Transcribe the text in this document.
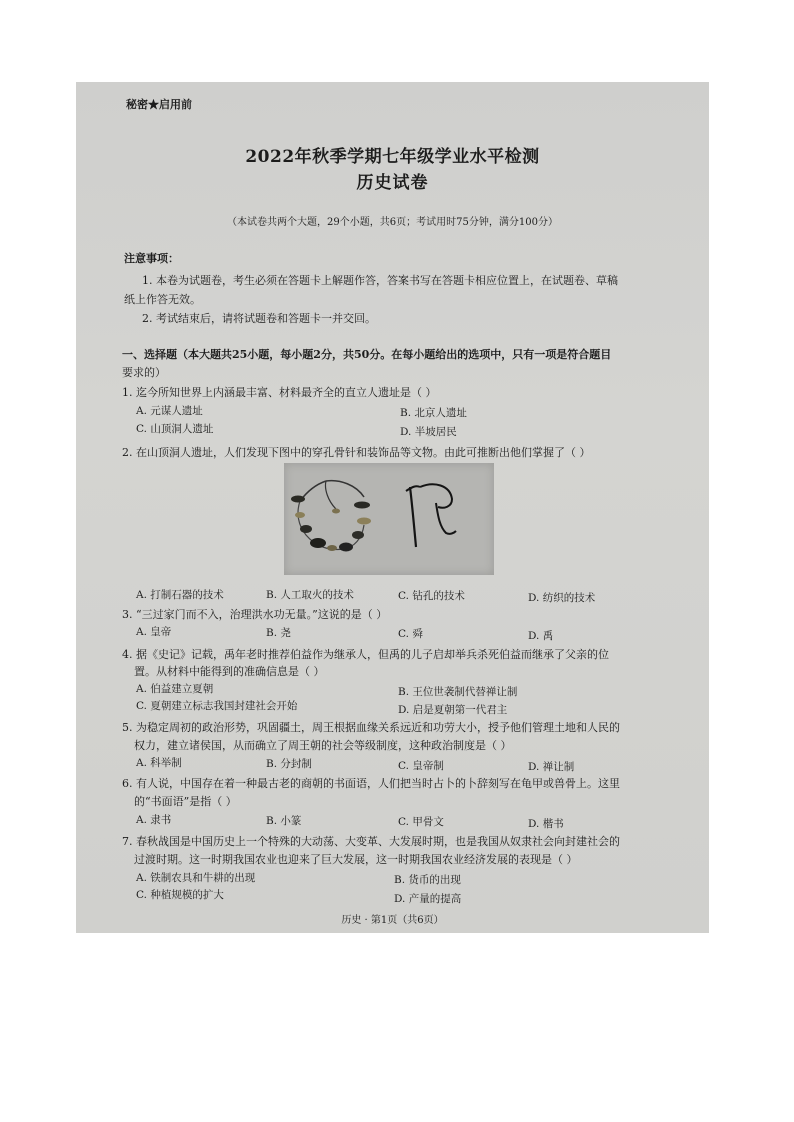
秘密★启用前
2022年秋季学期七年级学业水平检测
历史试卷
（本试卷共两个大题，29个小题，共6页；考试用时75分钟，满分100分）
注意事项：
1. 本卷为试题卷，考生必须在答题卡上解题作答，答案书写在答题卡相应位置上，在试题卷、草稿
纸上作答无效。
2. 考试结束后，请将试题卷和答题卡一并交回。
一、选择题（本大题共25小题，每小题2分，共50分。在每小题给出的选项中，只有一项是符合题目
要求的）
1. 迄今所知世界上内涵最丰富、材料最齐全的直立人遗址是（ ）
A. 元谋人遗址	B. 北京人遗址
C. 山顶洞人遗址	D. 半坡居民
2. 在山顶洞人遗址，人们发现下图中的穿孔骨针和装饰品等文物。由此可推断出他们掌握了（ ）
A. 打制石器的技术	B. 人工取火的技术	C. 钻孔的技术	D. 纺织的技术
3. “三过家门而不入，治理洪水功无量。”这说的是（ ）
A. 皇帝	B. 尧	C. 舜	D. 禹
4. 据《史记》记载，禹年老时推荐伯益作为继承人，但禹的儿子启却举兵杀死伯益而继承了父亲的位
置。从材料中能得到的准确信息是（ ）
A. 伯益建立夏朝	B. 王位世袭制代替禅让制
C. 夏朝建立标志我国封建社会开始	D. 启是夏朝第一代君主
5. 为稳定周初的政治形势，巩固疆土，周王根据血缘关系远近和功劳大小，授予他们管理土地和人民的
权力，建立诸侯国，从而确立了周王朝的社会等级制度，这种政治制度是（ ）
A. 科举制	B. 分封制	C. 皇帝制	D. 禅让制
6. 有人说，中国存在着一种最古老的商朝的书面语，人们把当时占卜的卜辞刻写在龟甲或兽骨上。这里
的“书面语”是指（ ）
A. 隶书	B. 小篆	C. 甲骨文	D. 楷书
7. 春秋战国是中国历史上一个特殊的大动荡、大变革、大发展时期，也是我国从奴隶社会向封建社会的
过渡时期。这一时期我国农业也迎来了巨大发展，这一时期我国农业经济发展的表现是（ ）
A. 铁制农具和牛耕的出现	B. 货币的出现
C. 种植规模的扩大	D. 产量的提高
历史 · 第1页（共6页）
